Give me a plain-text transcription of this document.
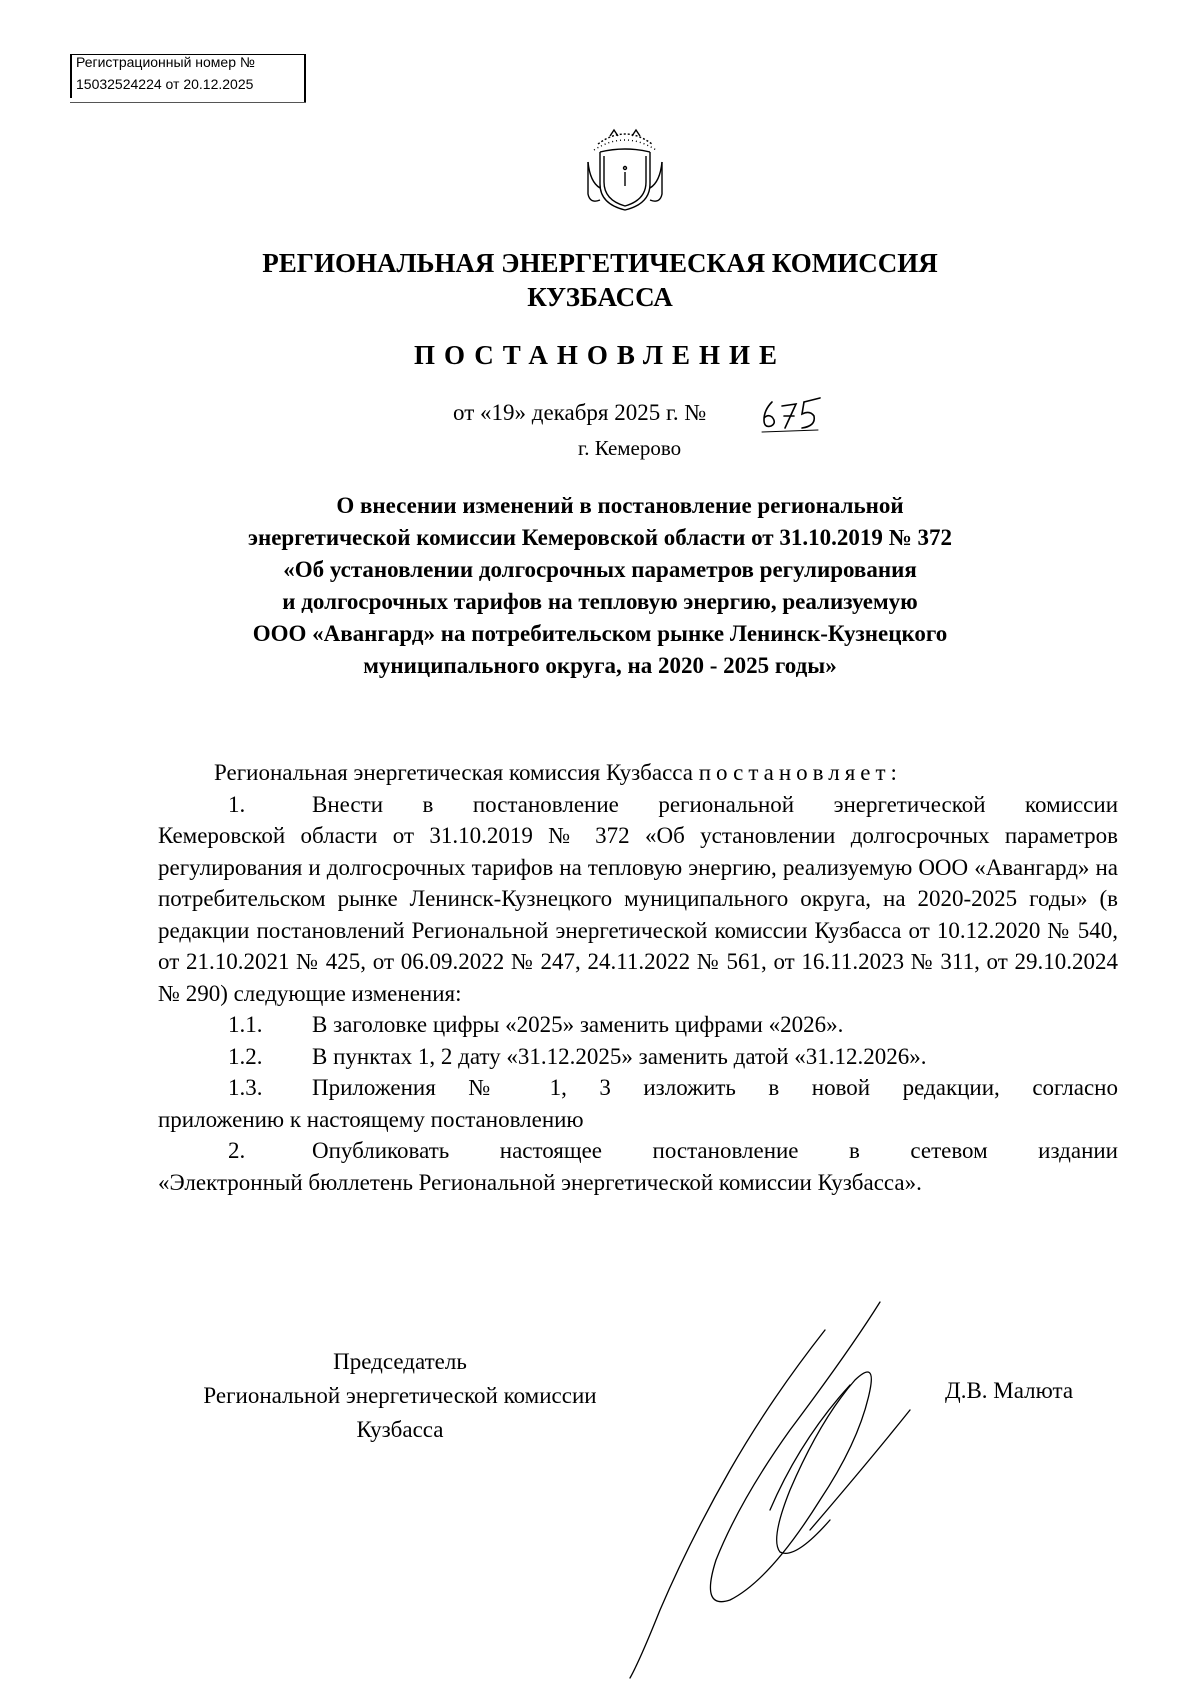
Регистрационный номер №
15032524224 от 20.12.2025
РЕГИОНАЛЬНАЯ ЭНЕРГЕТИЧЕСКАЯ КОМИССИЯ
КУЗБАССА
ПОСТАНОВЛЕНИЕ
от «19» декабря 2025 г. №
675
г. Кемерово
О внесении изменений в постановление региональной
энергетической комиссии Кемеровской области от 31.10.2019 № 372
«Об установлении долгосрочных параметров регулирования
и долгосрочных тарифов на тепловую энергию, реализуемую
ООО «Авангард» на потребительском рынке Ленинск-Кузнецкого
муниципального округа, на 2020 - 2025 годы»

Региональная энергетическая комиссия Кузбасса постановляет:

1.	Внести в постановление региональной энергетической комиссии

Кемеровской области от 31.10.2019 № 372 «Об установлении долгосрочных параметров регулирования и долгосрочных тарифов на тепловую энергию, реализуемую ООО «Авангард» на потребительском рынке Ленинск-Кузнецкого муниципального округа, на 2020-2025 годы» (в редакции постановлений Региональной энергетической комиссии Кузбасса от 10.12.2020 № 540, от 21.10.2021 № 425, от 06.09.2022 № 247, 24.11.2022 № 561, от 16.11.2023 № 311, от 29.10.2024 № 290) следующие изменения:

1.1.	В заголовке цифры «2025» заменить цифрами «2026».
1.2.	В пунктах 1, 2 дату «31.12.2025» заменить датой «31.12.2026».
1.3.	Приложения № 1, 3 изложить в новой редакции, согласно

приложению к настоящему постановлению

2.	Опубликовать настоящее постановление в сетевом издании

«Электронный бюллетень Региональной энергетической комиссии Кузбасса».

Председатель
Региональной энергетической комиссии
Кузбасса
Д.В. Малюта
